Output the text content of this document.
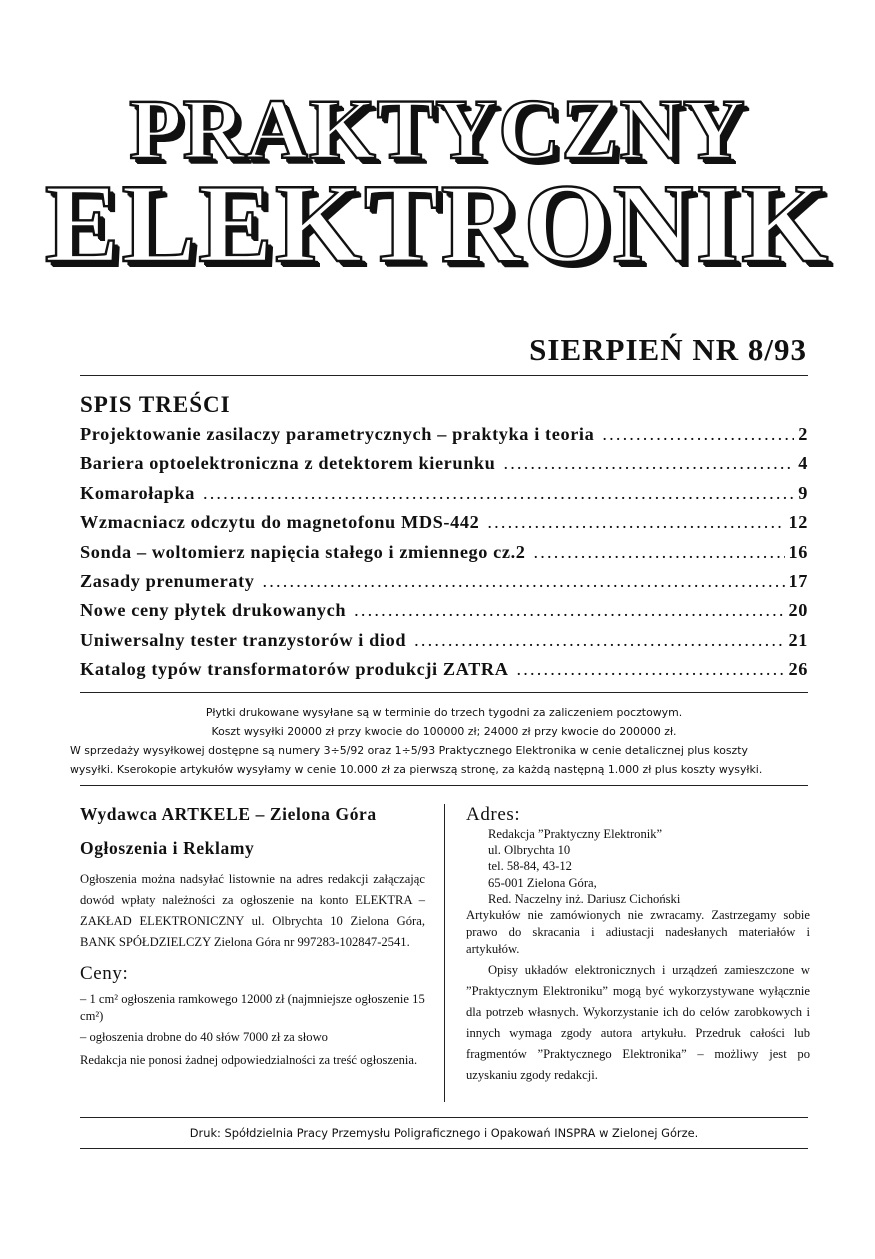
PRAKTYCZNY
ELEKTRONIK
SIERPIEŃ NR 8/93
SPIS TREŚCI
Projektowanie zasilaczy parametrycznych – praktyka i teoria . . .	2
Bariera optoelektroniczna z detektorem kierunku . . .	4
Komarołapka . . .	9
Wzmacniacz odczytu do magnetofonu MDS-442 . . .	12
Sonda – woltomierz napięcia stałego i zmiennego cz.2 . . .	16
Zasady prenumeraty . . .	17
Nowe ceny płytek drukowanych . . .	20
Uniwersalny tester tranzystorów i diod . . .	21
Katalog typów transformatorów produkcji ZATRA . . .	26
Płytki drukowane wysyłane są w terminie do trzech tygodni za zaliczeniem pocztowym.
Koszt wysyłki 20000 zł przy kwocie do 100000 zł; 24000 zł przy kwocie do 200000 zł.
W sprzedaży wysyłkowej dostępne są numery 3÷5/92 oraz 1÷5/93 Praktycznego Elektronika w cenie detalicznej plus koszty
wysyłki. Kserokopie artykułów wysyłamy w cenie 10.000 zł za pierwszą stronę, za każdą następną 1.000 zł plus koszty wysyłki.
Wydawca ARTKELE – Zielona Góra
Ogłoszenia i Reklamy
Ogłoszenia można nadsyłać listownie na adres redakcji załączając dowód wpłaty należności za ogłoszenie na konto ELEKTRA – ZAKŁAD ELEKTRONICZNY ul. Olbrychta 10 Zielona Góra, BANK SPÓŁDZIELCZY Zielona Góra nr 997283-102847-2541.
Ceny:
– 1 cm² ogłoszenia ramkowego 12000 zł (najmniejsze ogłoszenie 15 cm²)
– ogłoszenia drobne do 40 słów 7000 zł za słowo
Redakcja nie ponosi żadnej odpowiedzialności za treść ogłoszenia.
Adres:
Redakcja ”Praktyczny Elektronik”
ul. Olbrychta 10
tel. 58-84, 43-12
65-001 Zielona Góra,
Red. Naczelny inż. Dariusz Cichoński
Artykułów nie zamówionych nie zwracamy. Zastrzegamy sobie prawo do skracania i adiustacji nadesłanych materiałów i artykułów.
Opisy układów elektronicznych i urządzeń zamieszczone w ”Praktycznym Elektroniku” mogą być wykorzystywane wyłącznie dla potrzeb własnych. Wykorzystanie ich do celów zarobkowych i innych wymaga zgody autora artykułu. Przedruk całości lub fragmentów ”Praktycznego Elektronika” – możliwy jest po uzyskaniu zgody redakcji.
Druk: Spółdzielnia Pracy Przemysłu Poligraficznego i Opakowań INSPRA w Zielonej Górze.
